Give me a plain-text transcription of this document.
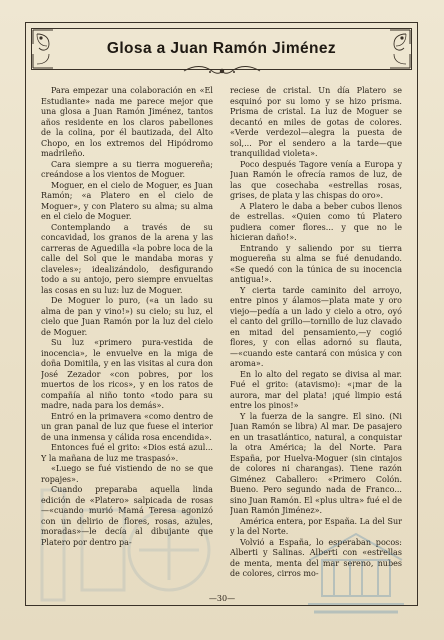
Glosa a Juan Ramón Jiménez

Para empezar una colaboración en «El Estudiante» nada me parece mejor que una glosa a Juan Ramón Jiménez, tantos años residente en los claros pabellones de la colina, por él bautizada, del Alto Chopo, en los extremos del Hipódromo madrileño.

Cara siempre a su tierra moguereña; creándose a los vientos de Moguer.

Moguer, en el cielo de Moguer, es Juan Ramón; «a Platero en el cielo de Moguer», y con Platero su alma; su alma en el cielo de Moguer.

Contemplando a través de su concavidad, los granos de la arena y las carreras de Aguedilla «la pobre loca de la calle del Sol que le mandaba moras y claveles»; idealizándolo, desfigurando todo a su antojo, pero siempre envueltas las cosas en su luz: luz de Moguer.

De Moguer lo puro, («a un lado su alma de pan y vino!») su cielo; su luz, el cielo que Juan Ramón por la luz del cielo de Moguer.

Su luz «primero pura-vestida de inocencia», le envuelve en la miga de doña Domitila, y en las visitas al cura don José Zezador «con pobres, por los muertos de los ricos», y en los ratos de compañía al niño tonto «todo para su madre, nada para los demás».

Entró en la primavera «como dentro de un gran panal de luz que fuese el interior de una inmensa y cálida rosa encendida».

Entonces fué el grito: «Dios está azul... Y la mañana de luz me traspasó».

«Luego se fué vistiendo de no se que ropajes».

Cuando preparaba aquella linda edición de «Platero» salpicada de rosas—«cuando murió Mamá Teresa agonizó con un delirio de flores, rosas, azules, moradas»—le decía al dibujante que Platero por dentro pa-

reciese de cristal. Un día Platero se esquinó por su lomo y se hizo prisma. Prisma de cristal. La luz de Moguer se decantó en miles de gotas de colores. «Verde verdezol—alegra la puesta de sol,... Por el sendero a la tarde—que tranquilidad violeta».

Poco después Tagore venía a Europa y Juan Ramón le ofrecía ramos de luz, de las que cosechaba «estrellas rosas, grises, de plata y las chispas do oro».

A Platero le daba a beber cubos llenos de estrellas. «Quien como tú Platero pudiera comer flores... y que no le hicieran daño!».

Entrando y saliendo por su tierra moguereña su alma se fué denudando. «Se quedó con la túnica de su inocencia antigua!».

Y cierta tarde caminito del arroyo, entre pinos y álamos—plata mate y oro viejo—pedía a un lado y cielo a otro, oyó el canto del grillo—tornillo de luz clavado en mitad del pensamiento,—y cogió flores, y con ellas adornó su flauta,—«cuando este cantará con música y con aroma».

En lo alto del regato se divisa al mar. Fué el grito: (atavismo): «¡mar de la aurora, mar del plata! ¡qué limpio está entre los pinos!»

Y la fuerza de la sangre. El sino. (Ni Juan Ramón se libra) Al mar. De pasajero en un trasatlántico, natural, a conquistar la otra América; la del Norte. Para España, por Huelva-Moguer (sin cintajos de colores ni charangas). Tiene razón Giménez Caballero: «Primero Colón. Bueno. Pero segundo nada de Franco... sino Juan Ramón. El «plus ultra» fué el de Juan Ramón Jiménez».

América entera, por España. La del Sur y la del Norte.

Volvió a España, lo esperaban pocos: Alberti y Salinas. Alberti con «estrellas de menta, menta del mar sereno, nubes de colores, cirros mo-

—30—
